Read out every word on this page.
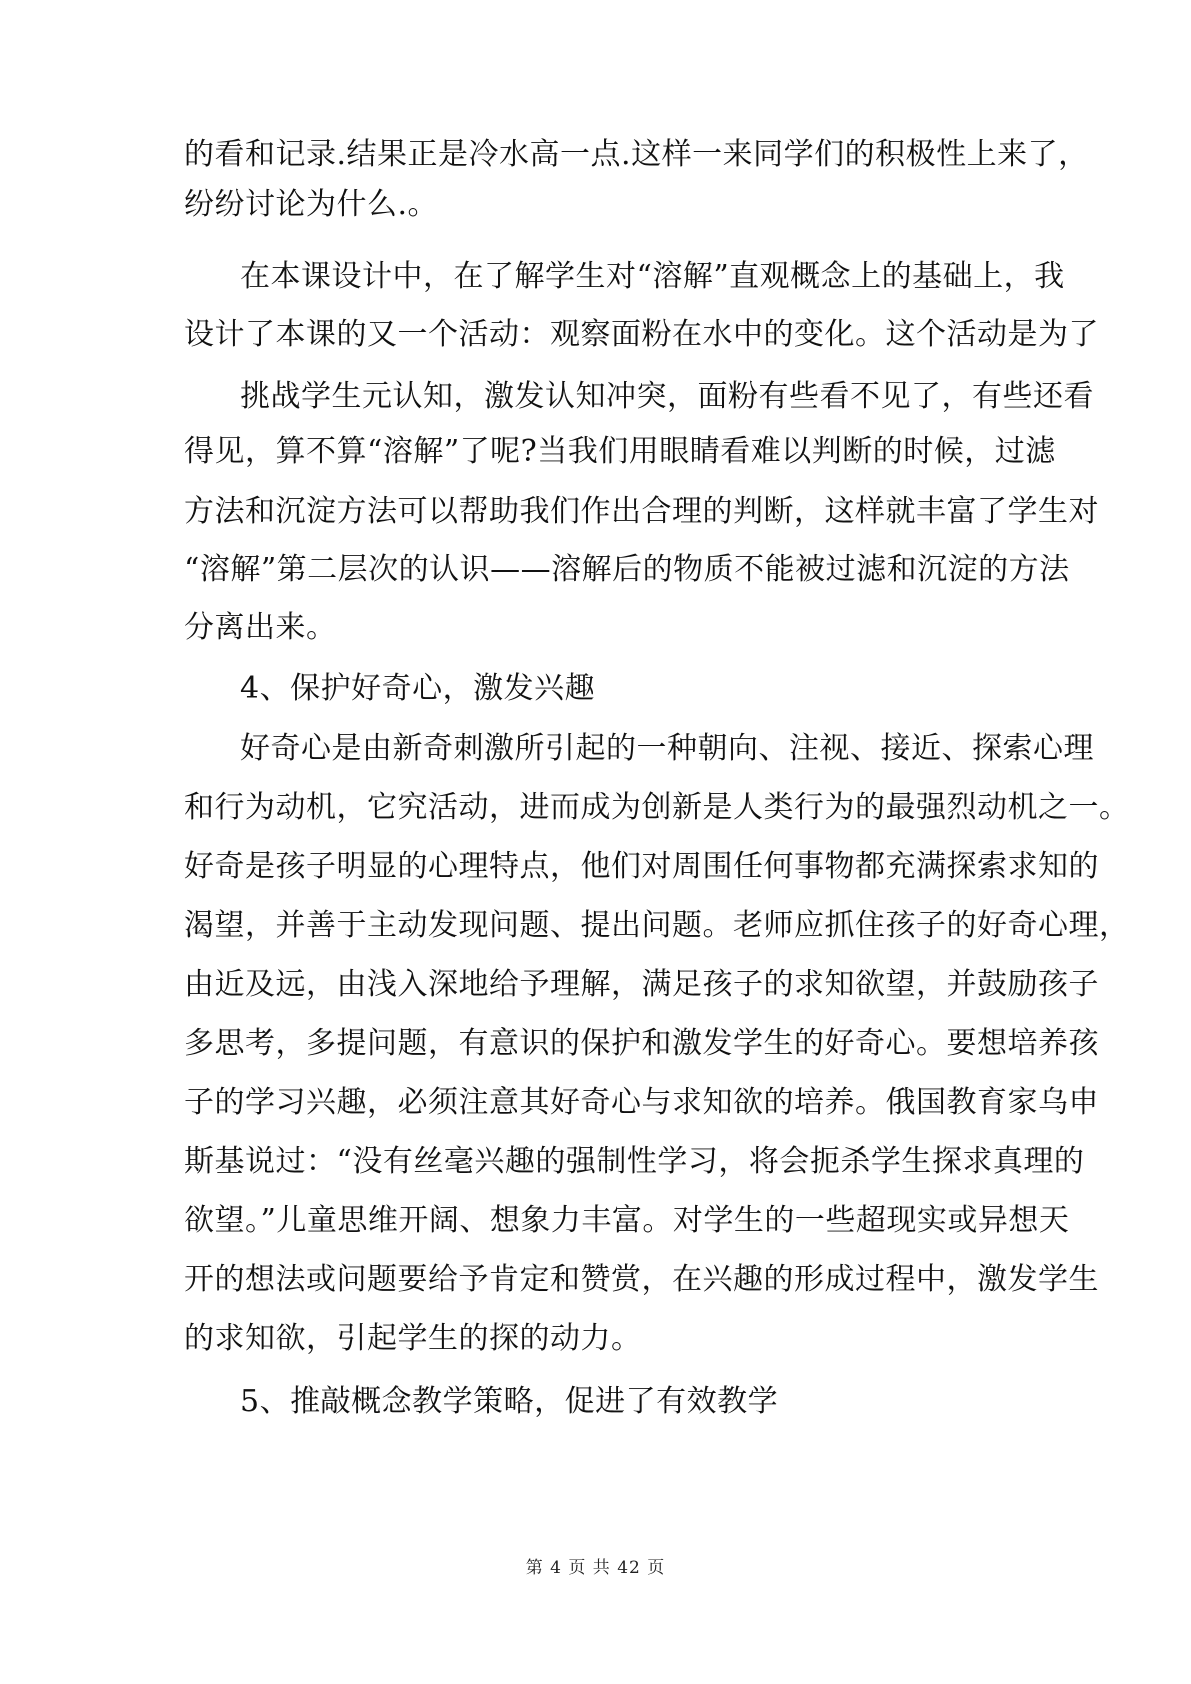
的看和记录.结果正是冷水高一点.这样一来同学们的积极性上来了，
纷纷讨论为什么.。
在本课设计中，在了解学生对“溶解”直观概念上的基础上，我
设计了本课的又一个活动：观察面粉在水中的变化。这个活动是为了
挑战学生元认知，激发认知冲突，面粉有些看不见了，有些还看
得见，算不算“溶解”了呢?当我们用眼睛看难以判断的时候，过滤
方法和沉淀方法可以帮助我们作出合理的判断，这样就丰富了学生对
“溶解”第二层次的认识——溶解后的物质不能被过滤和沉淀的方法
分离出来。
4、保护好奇心，激发兴趣
好奇心是由新奇刺激所引起的一种朝向、注视、接近、探索心理
和行为动机，它究活动，进而成为创新是人类行为的最强烈动机之一。
好奇是孩子明显的心理特点，他们对周围任何事物都充满探索求知的
渴望，并善于主动发现问题、提出问题。老师应抓住孩子的好奇心理，
由近及远，由浅入深地给予理解，满足孩子的求知欲望，并鼓励孩子
多思考，多提问题，有意识的保护和激发学生的好奇心。要想培养孩
子的学习兴趣，必须注意其好奇心与求知欲的培养。俄国教育家乌申
斯基说过：“没有丝毫兴趣的强制性学习，将会扼杀学生探求真理的
欲望。”儿童思维开阔、想象力丰富。对学生的一些超现实或异想天
开的想法或问题要给予肯定和赞赏，在兴趣的形成过程中，激发学生
的求知欲，引起学生的探的动力。
5、推敲概念教学策略，促进了有效教学
第 4 页 共 42 页
